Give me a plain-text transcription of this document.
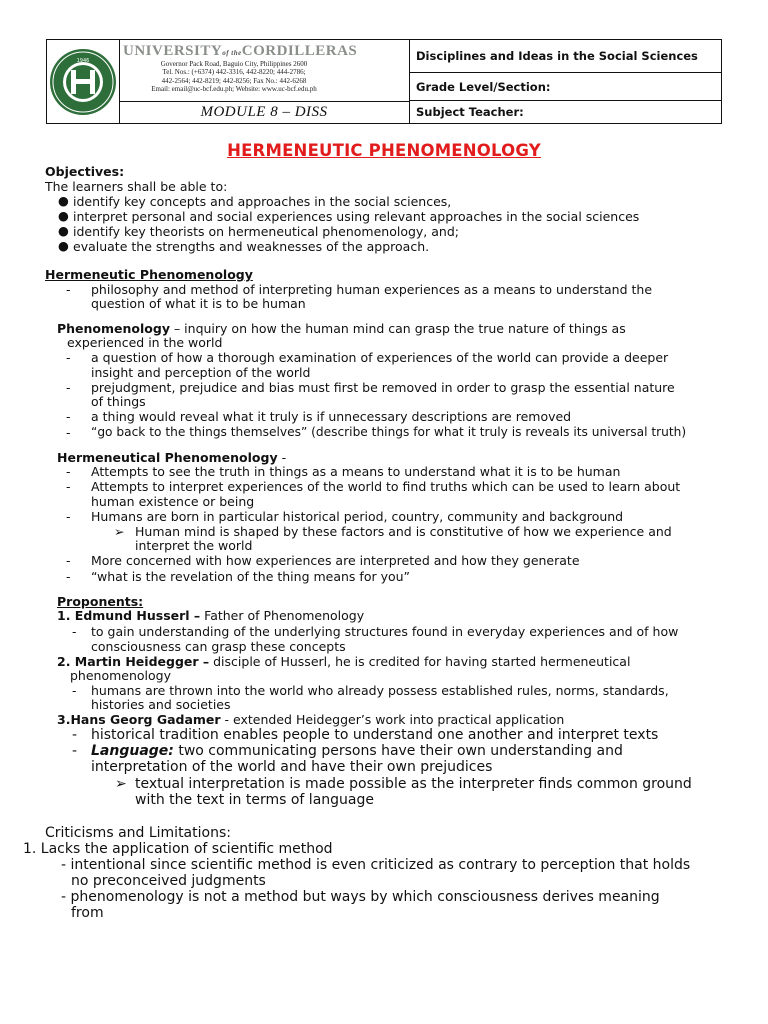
1946
UNIVERSITYof theCORDILLERAS
Governor Pack Road, Baguio City, Philippines 2600
Tel. Nos.: (+6374) 442-3316, 442-8220; 444-2786;
442-2564; 442-8219; 442-8256; Fax No.: 442-6268
Email: email@uc-bcf.edu.ph; Website: www.uc-bcf.edu.ph
MODULE 8 – DISS
Disciplines and Ideas in the Social Sciences
Grade Level/Section:
Subject Teacher:
HERMENEUTIC PHENOMENOLOGY
Objectives:
The learners shall be able to:
● identify key concepts and approaches in the social sciences,
● interpret personal and social experiences using relevant approaches in the social sciences
● identify key theorists on hermeneutical phenomenology, and;
● evaluate the strengths and weaknesses of the approach.
Hermeneutic Phenomenology
- philosophy and method of interpreting human experiences as a means to understand the
question of what it is to be human
Phenomenology – inquiry on how the human mind can grasp the true nature of things as
experienced in the world
- a question of how a thorough examination of experiences of the world can provide a deeper
insight and perception of the world
- prejudgment, prejudice and bias must first be removed in order to grasp the essential nature
of things
- a thing would reveal what it truly is if unnecessary descriptions are removed
- “go back to the things themselves” (describe things for what it truly is reveals its universal truth)
Hermeneutical Phenomenology -
- Attempts to see the truth in things as a means to understand what it is to be human
- Attempts to interpret experiences of the world to find truths which can be used to learn about
human existence or being
- Humans are born in particular historical period, country, community and background
➢ Human mind is shaped by these factors and is constitutive of how we experience and
interpret the world
- More concerned with how experiences are interpreted and how they generate
- “what is the revelation of the thing means for you”
Proponents:
1. Edmund Husserl – Father of Phenomenology
- to gain understanding of the underlying structures found in everyday experiences and of how
consciousness can grasp these concepts
2. Martin Heidegger – disciple of Husserl, he is credited for having started hermeneutical
phenomenology
- humans are thrown into the world who already possess established rules, norms, standards,
histories and societies
3.Hans Georg Gadamer - extended Heidegger’s work into practical application
- historical tradition enables people to understand one another and interpret texts
- Language: two communicating persons have their own understanding and
interpretation of the world and have their own prejudices
➢ textual interpretation is made possible as the interpreter finds common ground
with the text in terms of language
Criticisms and Limitations:
1. Lacks the application of scientific method
- intentional since scientific method is even criticized as contrary to perception that holds
no preconceived judgments
- phenomenology is not a method but ways by which consciousness derives meaning
from
